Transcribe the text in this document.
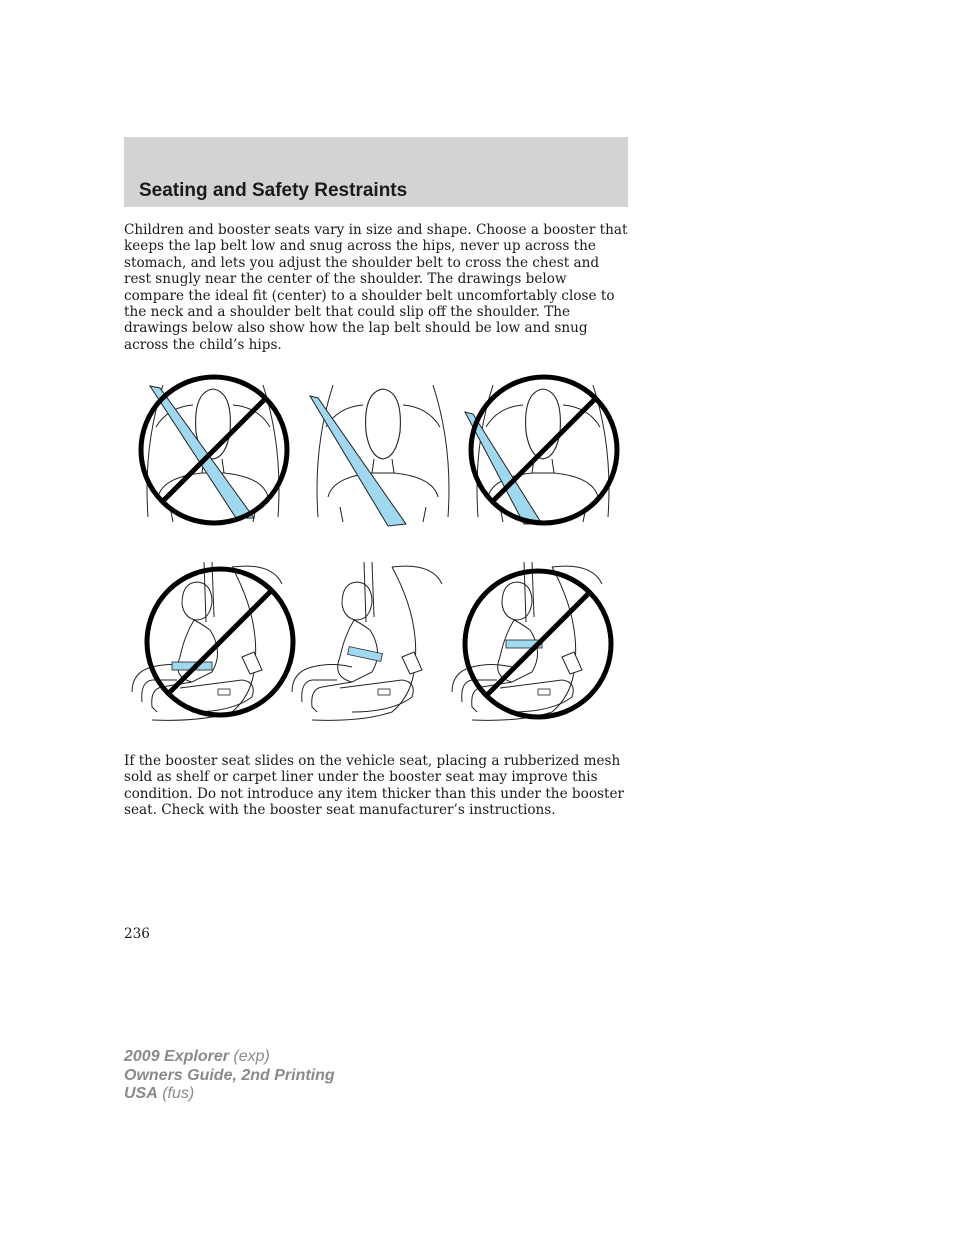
Seating and Safety Restraints

Children and booster seats vary in size and shape. Choose a booster that keeps the lap belt low and snug across the hips, never up across the stomach, and lets you adjust the shoulder belt to cross the chest and rest snugly near the center of the shoulder. The drawings below compare the ideal fit (center) to a shoulder belt uncomfortably close to the neck and a shoulder belt that could slip off the shoulder. The drawings below also show how the lap belt should be low and snug across the child’s hips.

If the booster seat slides on the vehicle seat, placing a rubberized mesh sold as shelf or carpet liner under the booster seat may improve this condition. Do not introduce any item thicker than this under the booster seat. Check with the booster seat manufacturer’s instructions.

236
2009 Explorer (exp)
Owners Guide, 2nd Printing
USA (fus)
